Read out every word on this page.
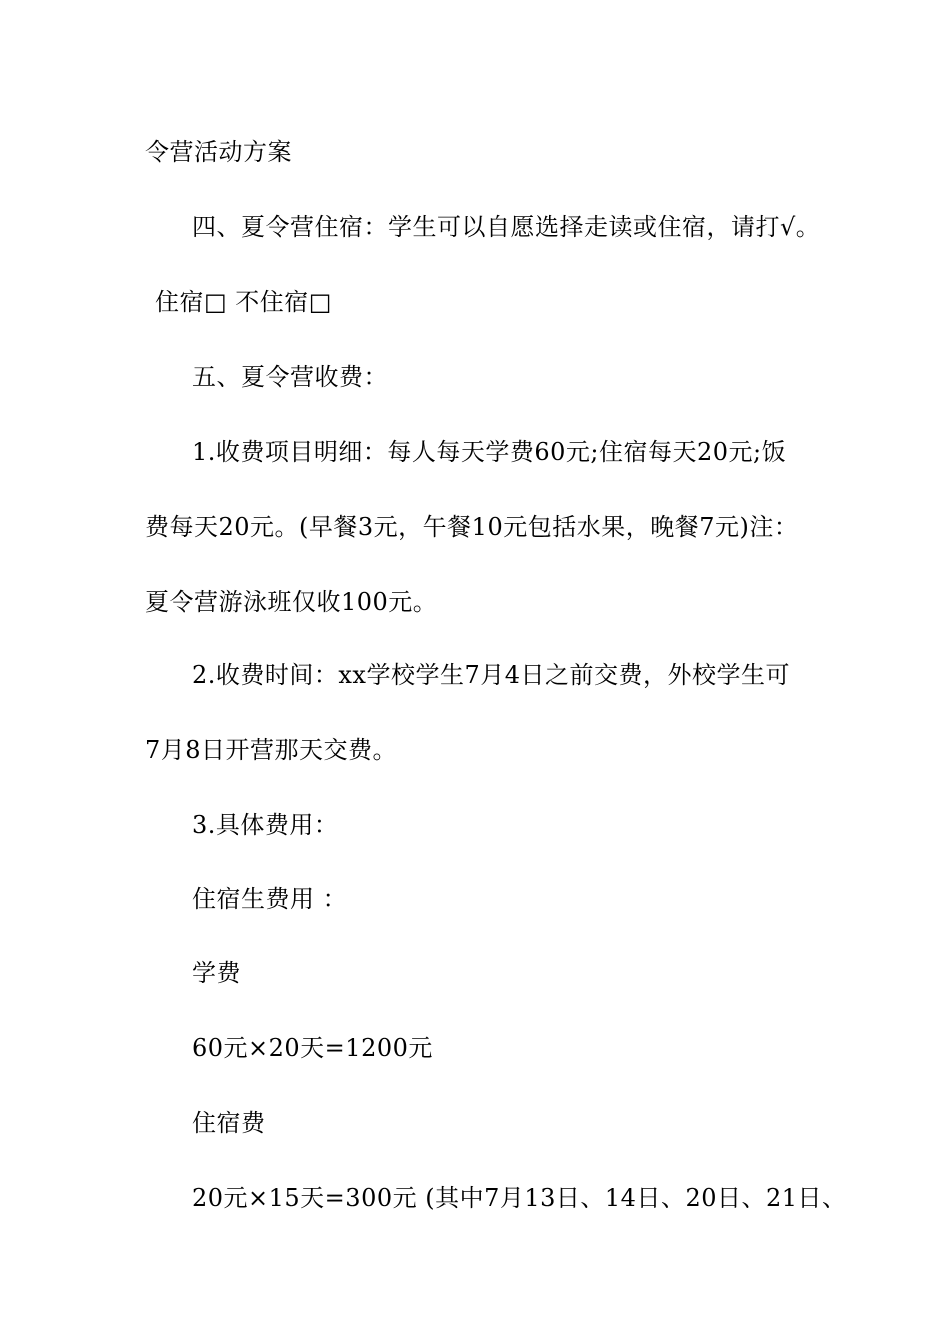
令营活动方案
四、夏令营住宿：学生可以自愿选择走读或住宿，请打√。
住宿□ 不住宿□
五、夏令营收费：
1.收费项目明细：每人每天学费60元;住宿每天20元;饭
费每天20元。(早餐3元，午餐10元包括水果，晚餐7元)注：
夏令营游泳班仅收100元。
2.收费时间：xx学校学生7月4日之前交费，外校学生可
7月8日开营那天交费。
3.具体费用：
住宿生费用 ：
学费
60元×20天=1200元
住宿费
20元×15天=300元 (其中7月13日、14日、20日、21日、
